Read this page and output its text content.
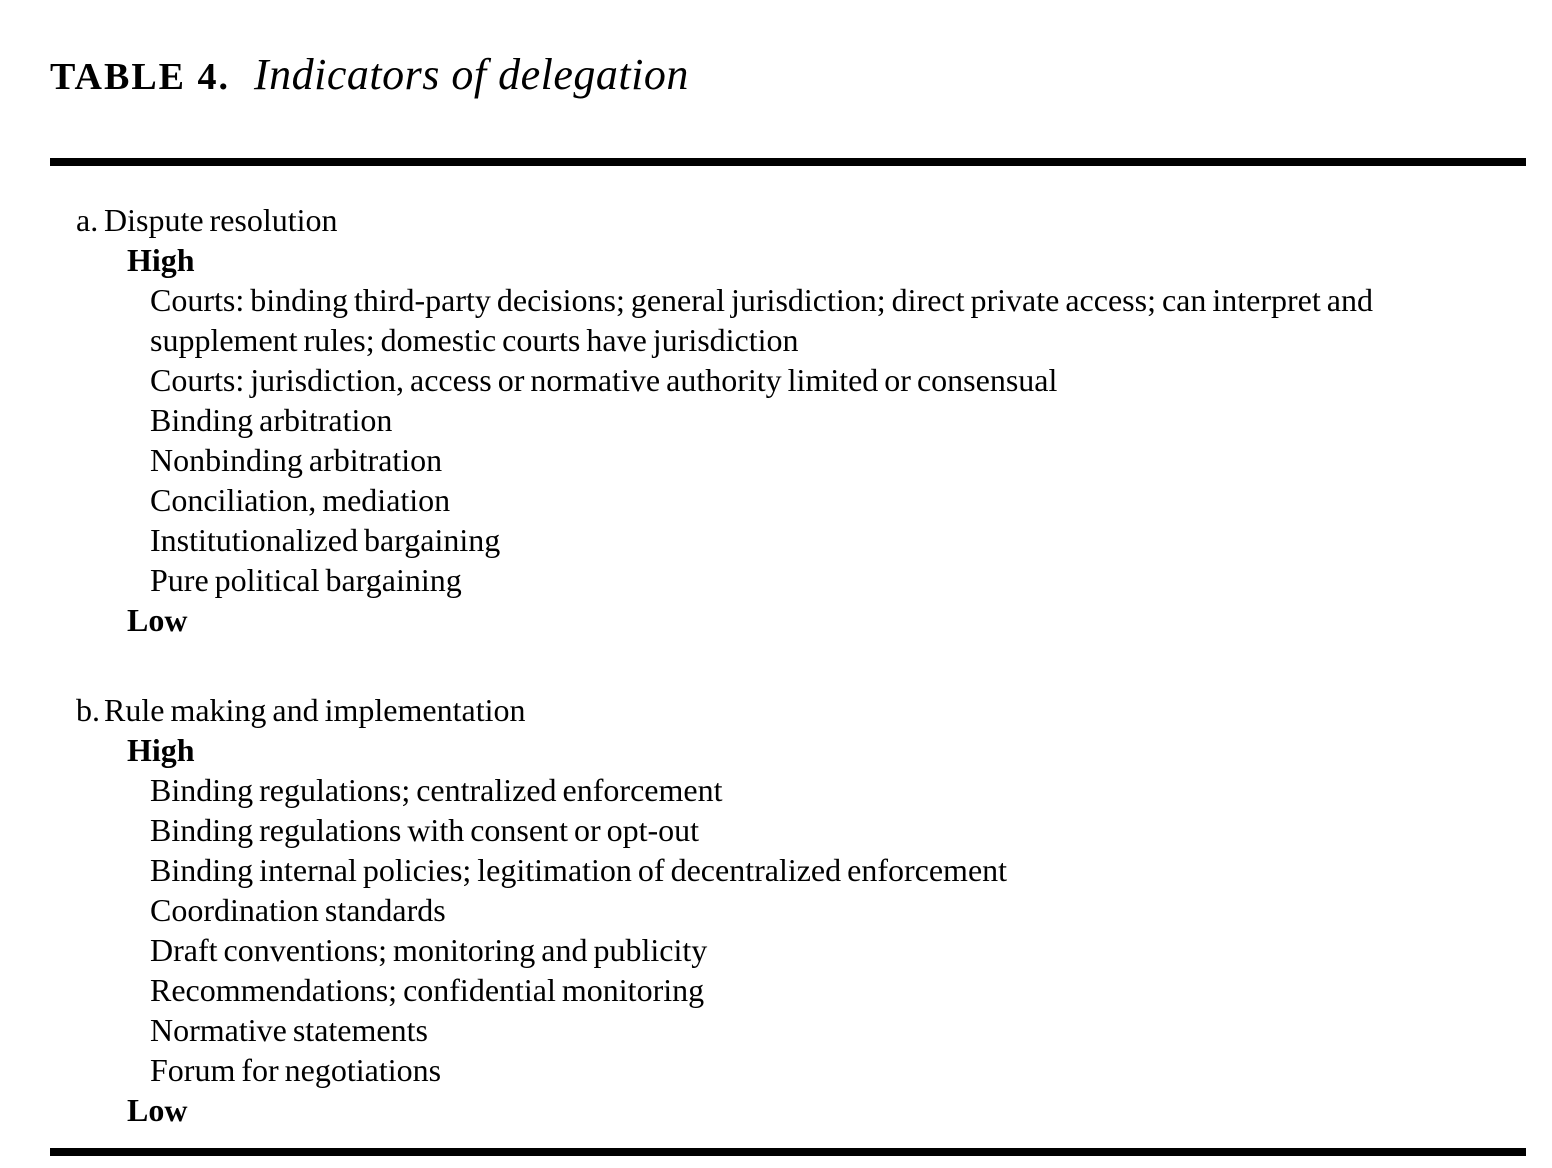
TABLE 4. Indicators of delegation
a. Dispute resolution
High
Courts: binding third-party decisions; general jurisdiction; direct private access; can interpret and supplement rules; domestic courts have jurisdiction
Courts: jurisdiction, access or normative authority limited or consensual
Binding arbitration
Nonbinding arbitration
Conciliation, mediation
Institutionalized bargaining
Pure political bargaining
Low
b. Rule making and implementation
High
Binding regulations; centralized enforcement
Binding regulations with consent or opt-out
Binding internal policies; legitimation of decentralized enforcement
Coordination standards
Draft conventions; monitoring and publicity
Recommendations; confidential monitoring
Normative statements
Forum for negotiations
Low
